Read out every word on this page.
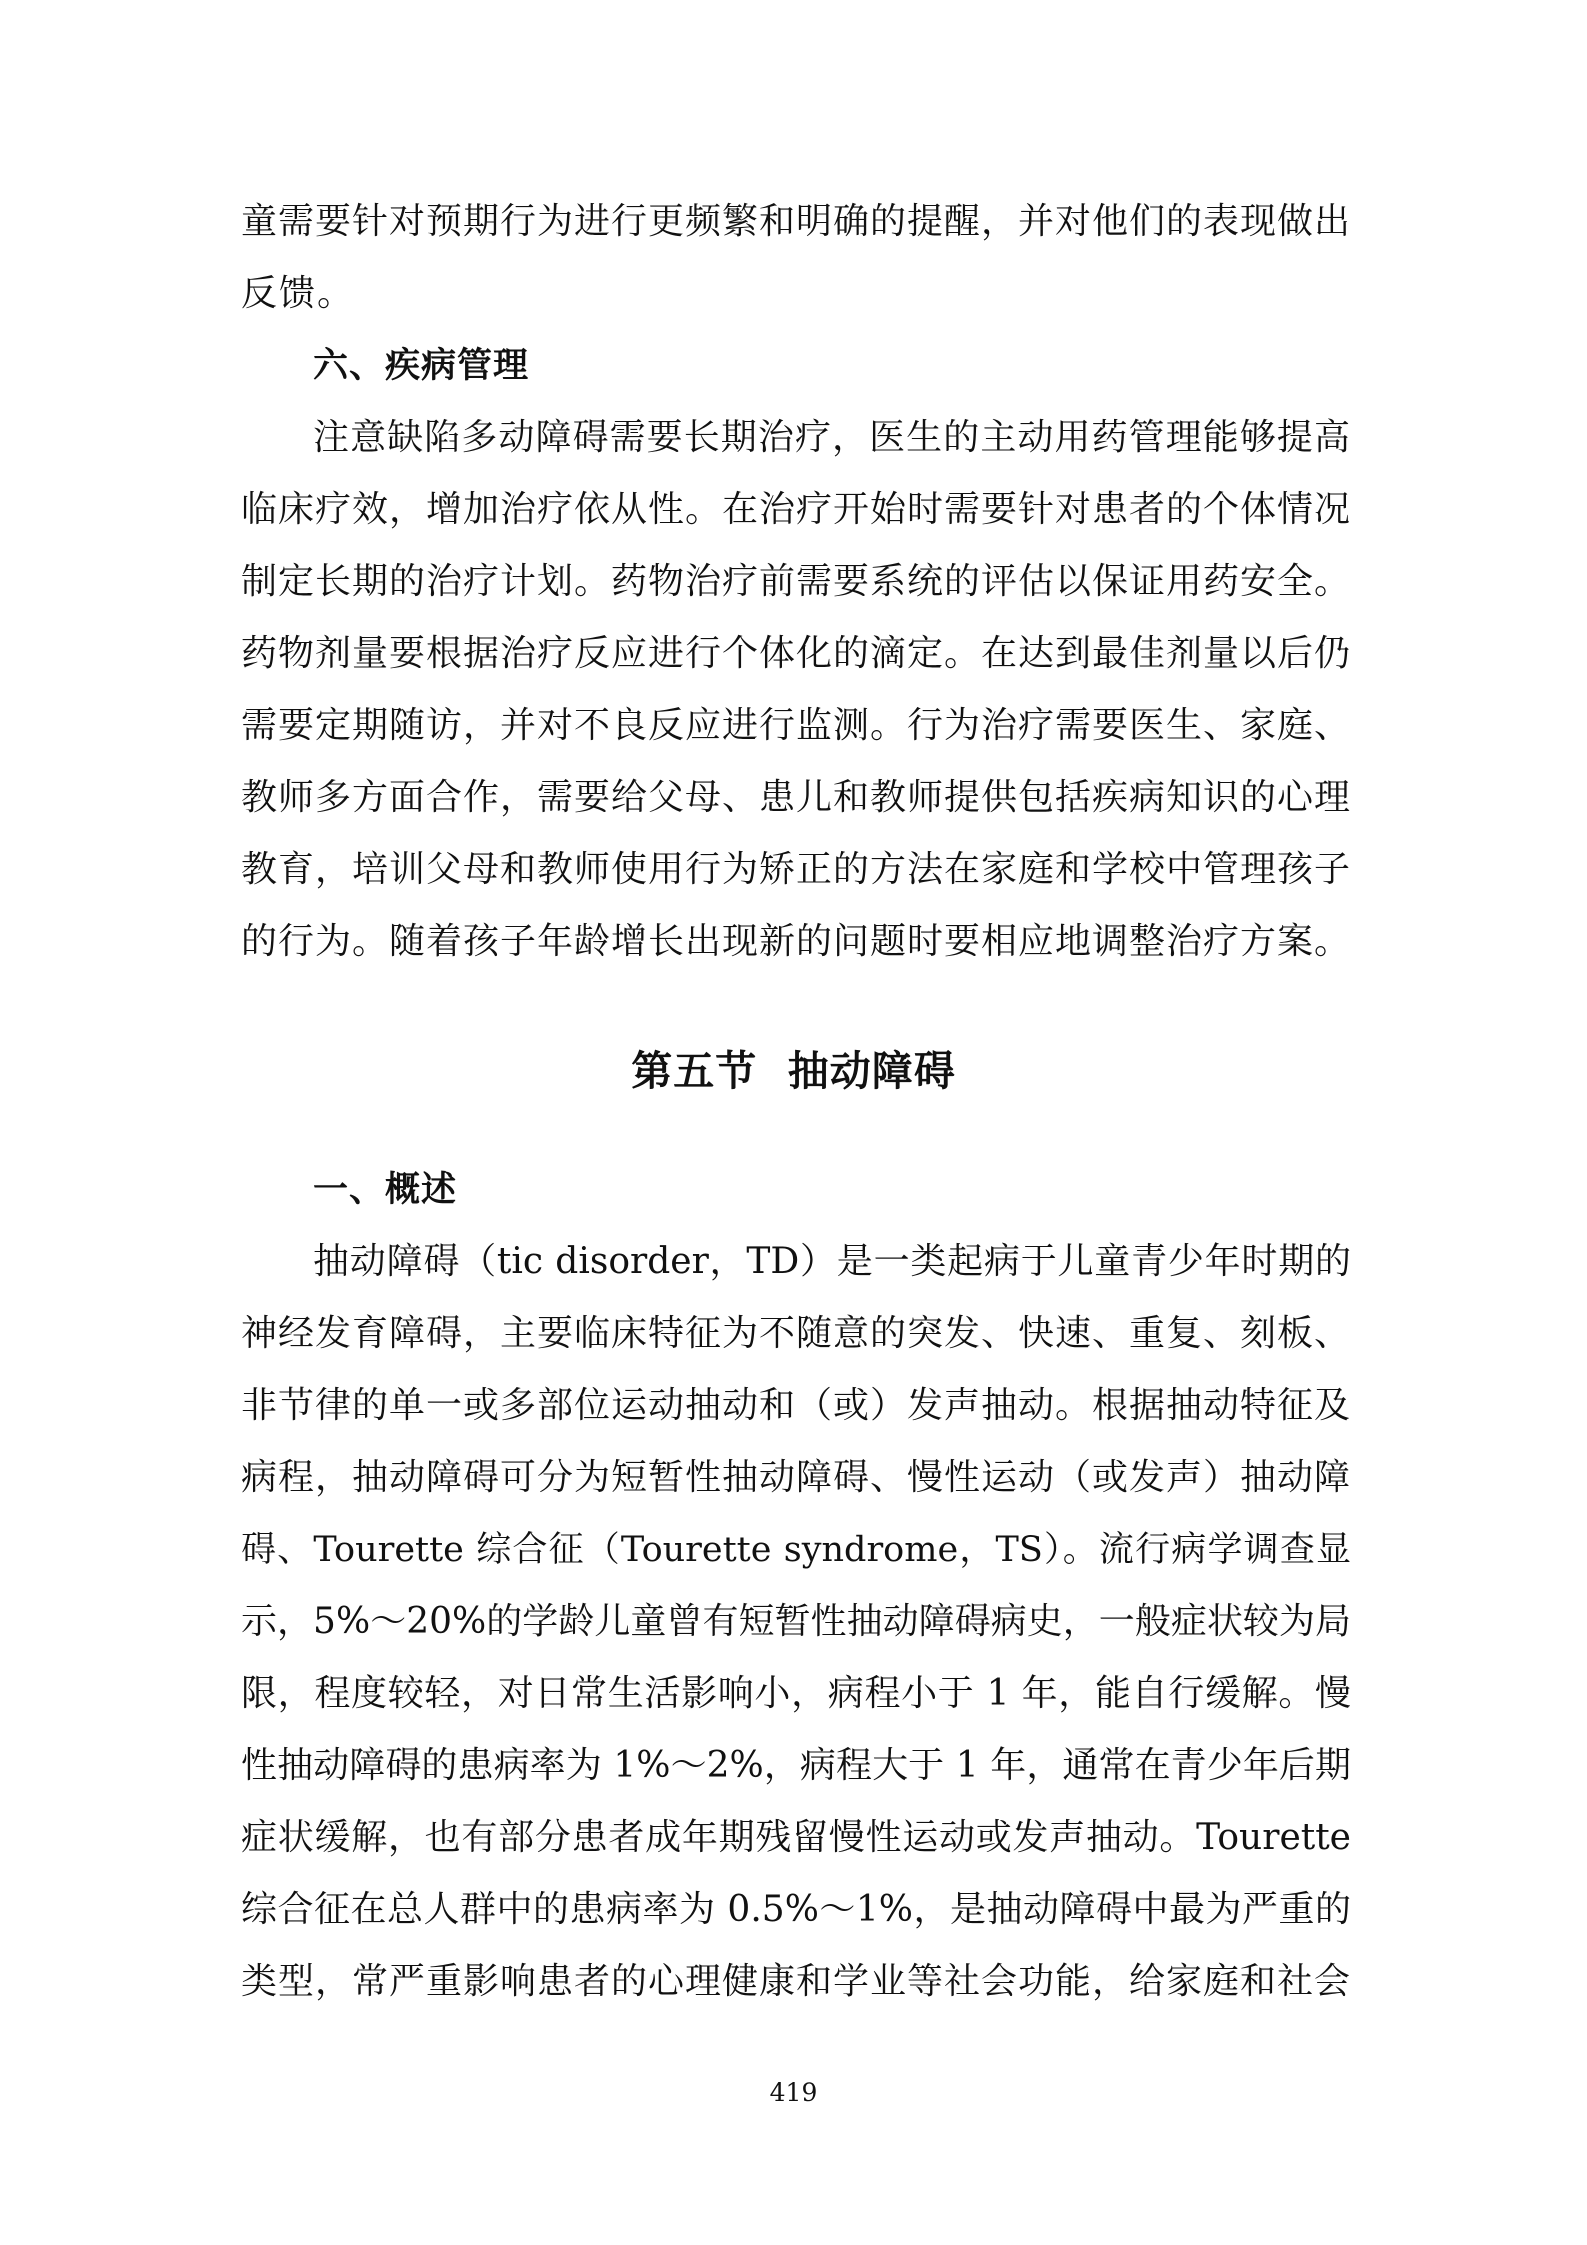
童需要针对预期行为进行更频繁和明确的提醒，并对他们的表现做出
反馈。
六、疾病管理
注意缺陷多动障碍需要长期治疗，医生的主动用药管理能够提高
临床疗效，增加治疗依从性。在治疗开始时需要针对患者的个体情况
制定长期的治疗计划。药物治疗前需要系统的评估以保证用药安全。
药物剂量要根据治疗反应进行个体化的滴定。在达到最佳剂量以后仍
需要定期随访，并对不良反应进行监测。行为治疗需要医生、家庭、
教师多方面合作，需要给父母、患儿和教师提供包括疾病知识的心理
教育，培训父母和教师使用行为矫正的方法在家庭和学校中管理孩子
的行为。随着孩子年龄增长出现新的问题时要相应地调整治疗方案。
第五节  抽动障碍
一、概述
抽动障碍（tic disorder，TD）是一类起病于儿童青少年时期的
神经发育障碍，主要临床特征为不随意的突发、快速、重复、刻板、
非节律的单一或多部位运动抽动和（或）发声抽动。根据抽动特征及
病程，抽动障碍可分为短暂性抽动障碍、慢性运动（或发声）抽动障
碍、Tourette 综合征（Tourette syndrome，TS）。流行病学调查显
示，5%～20%的学龄儿童曾有短暂性抽动障碍病史，一般症状较为局
限，程度较轻，对日常生活影响小，病程小于 1 年，能自行缓解。慢
性抽动障碍的患病率为 1%～2%，病程大于 1 年，通常在青少年后期
症状缓解，也有部分患者成年期残留慢性运动或发声抽动。Tourette
综合征在总人群中的患病率为 0.5%～1%，是抽动障碍中最为严重的
类型，常严重影响患者的心理健康和学业等社会功能，给家庭和社会
419
